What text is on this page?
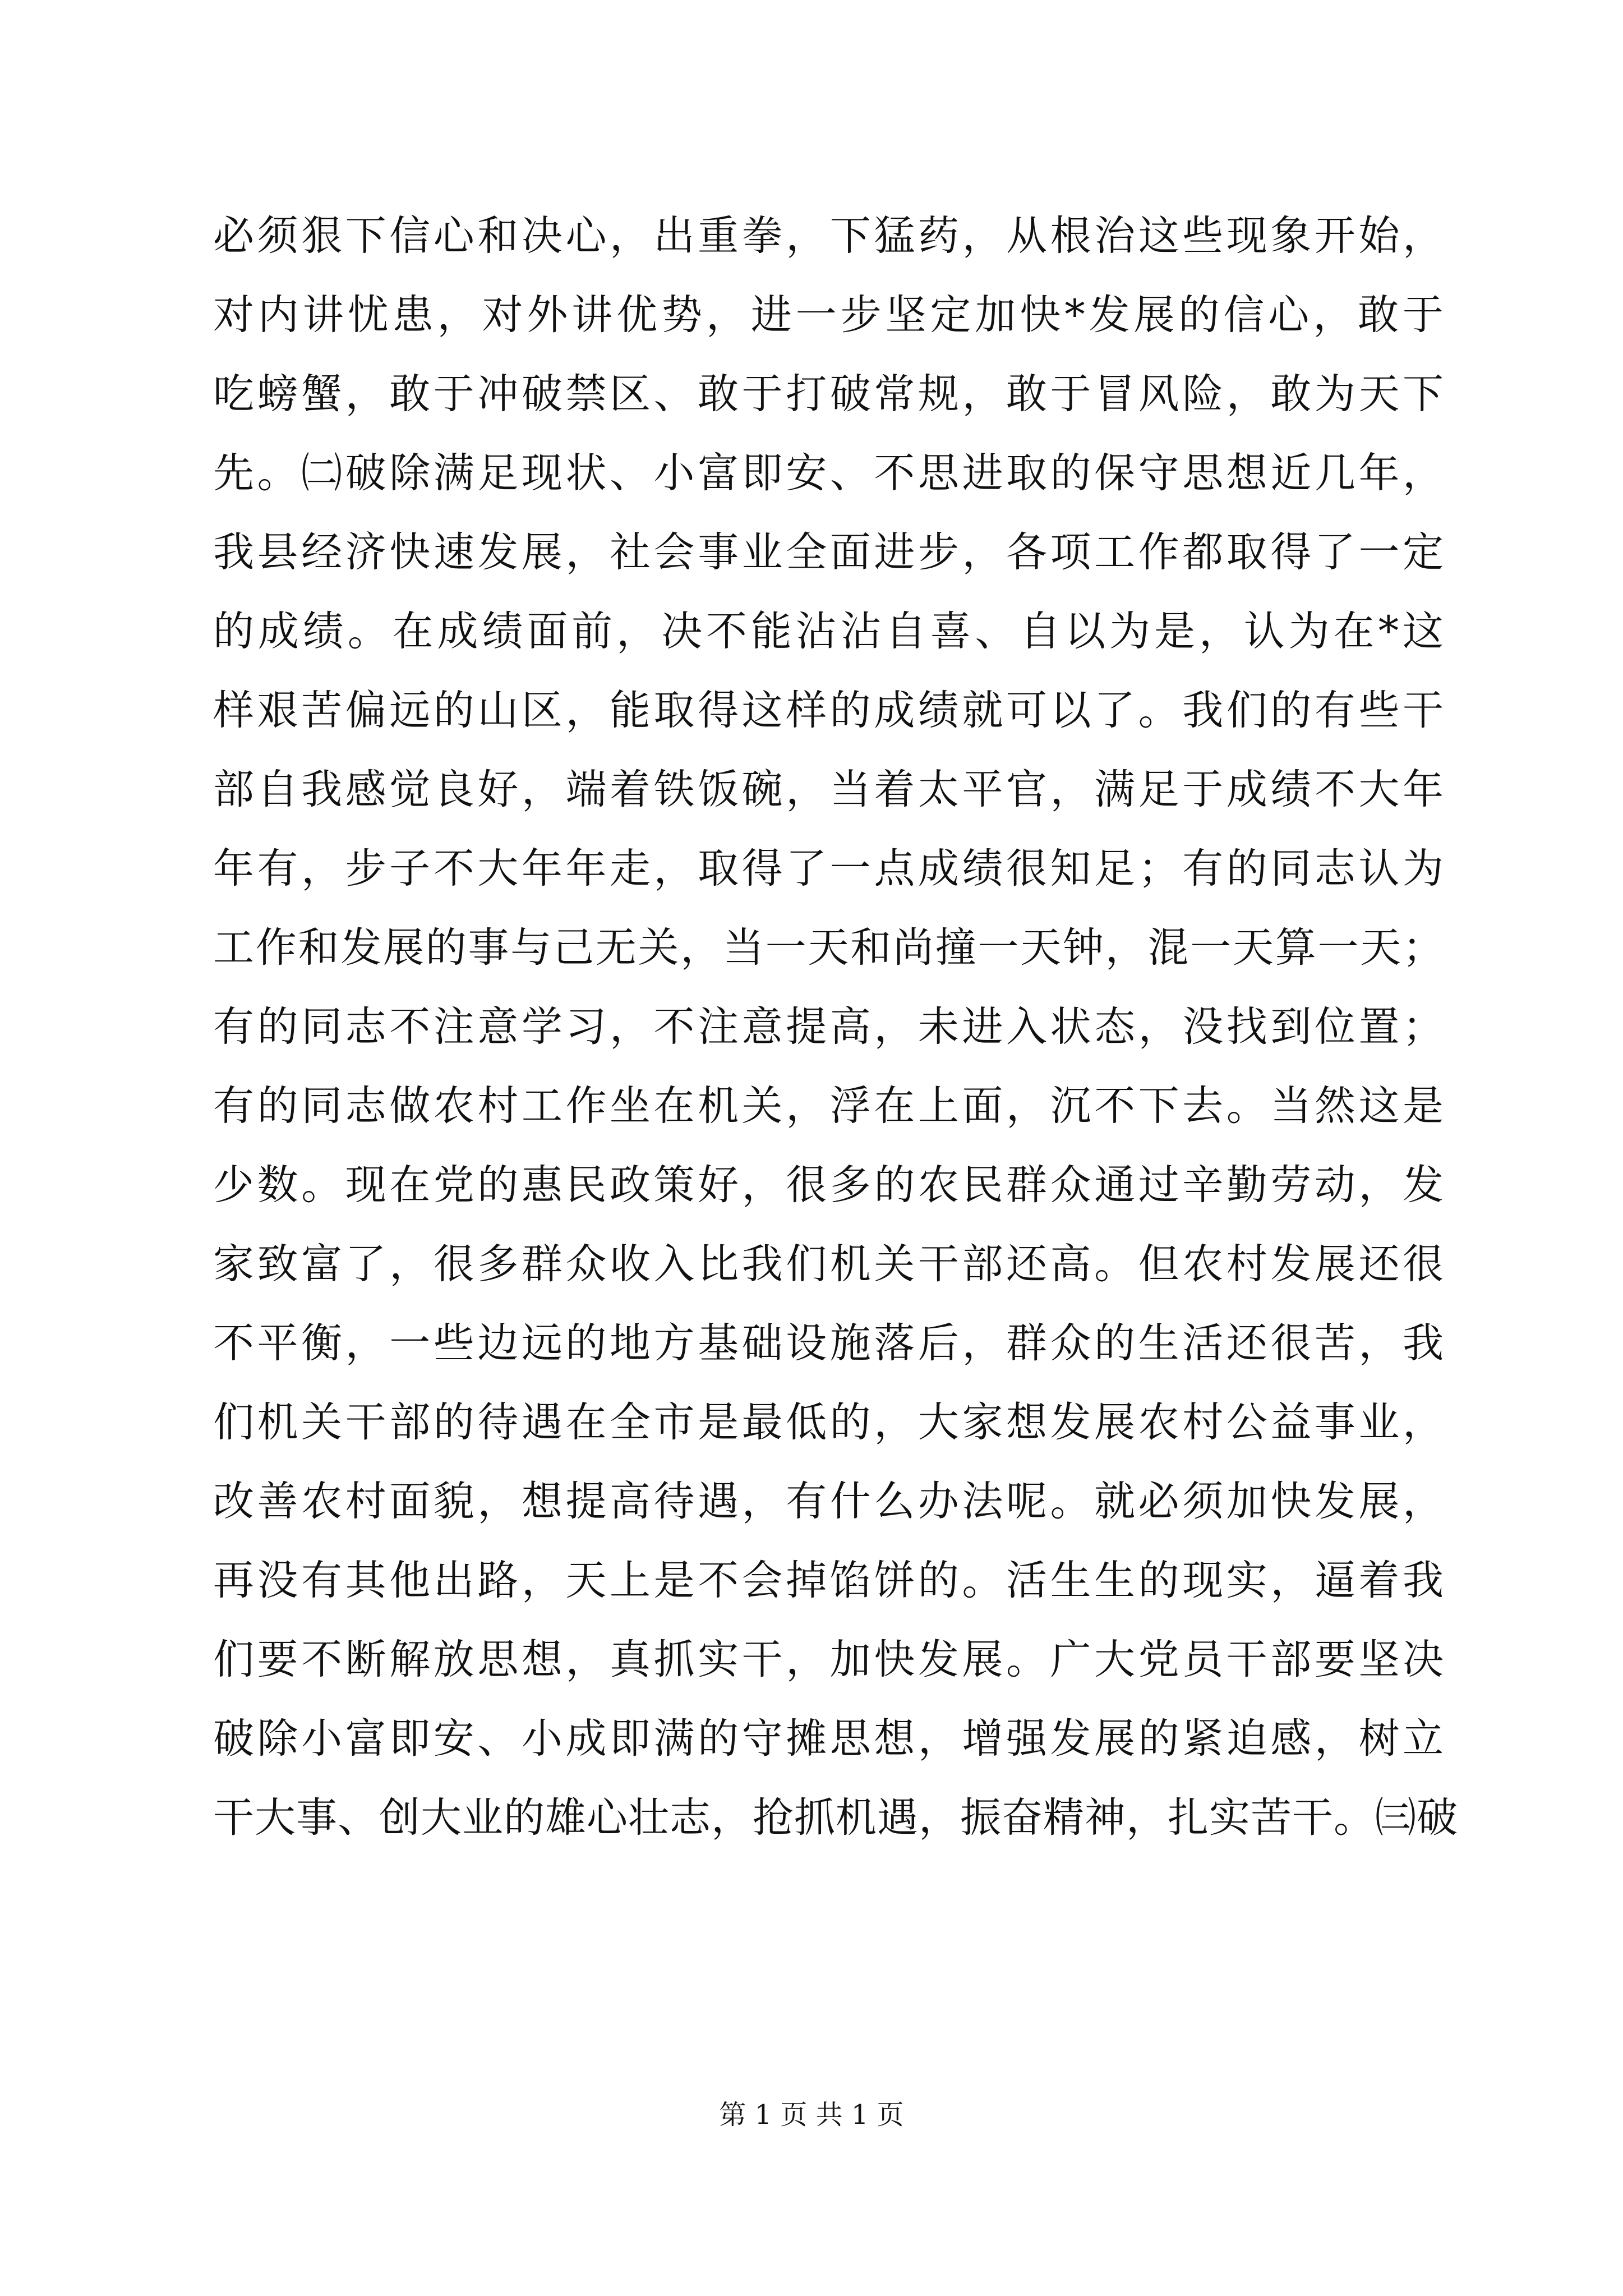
必须狠下信心和决心，出重拳，下猛药，从根治这些现象开始，
对内讲忧患，对外讲优势，进一步坚定加快*发展的信心，敢于
吃螃蟹，敢于冲破禁区、敢于打破常规，敢于冒风险，敢为天下
先。㈡破除满足现状、小富即安、不思进取的保守思想近几年，
我县经济快速发展，社会事业全面进步，各项工作都取得了一定
的成绩。在成绩面前，决不能沾沾自喜、自以为是，认为在*这
样艰苦偏远的山区，能取得这样的成绩就可以了。我们的有些干
部自我感觉良好，端着铁饭碗，当着太平官，满足于成绩不大年
年有，步子不大年年走，取得了一点成绩很知足；有的同志认为
工作和发展的事与己无关，当一天和尚撞一天钟，混一天算一天；
有的同志不注意学习，不注意提高，未进入状态，没找到位置；
有的同志做农村工作坐在机关，浮在上面，沉不下去。当然这是
少数。现在党的惠民政策好，很多的农民群众通过辛勤劳动，发
家致富了，很多群众收入比我们机关干部还高。但农村发展还很
不平衡，一些边远的地方基础设施落后，群众的生活还很苦，我
们机关干部的待遇在全市是最低的，大家想发展农村公益事业，
改善农村面貌，想提高待遇，有什么办法呢。就必须加快发展，
再没有其他出路，天上是不会掉馅饼的。活生生的现实，逼着我
们要不断解放思想，真抓实干，加快发展。广大党员干部要坚决
破除小富即安、小成即满的守摊思想，增强发展的紧迫感，树立
干大事、创大业的雄心壮志，抢抓机遇，振奋精神，扎实苦干。㈢破
第 1 页 共 1 页
